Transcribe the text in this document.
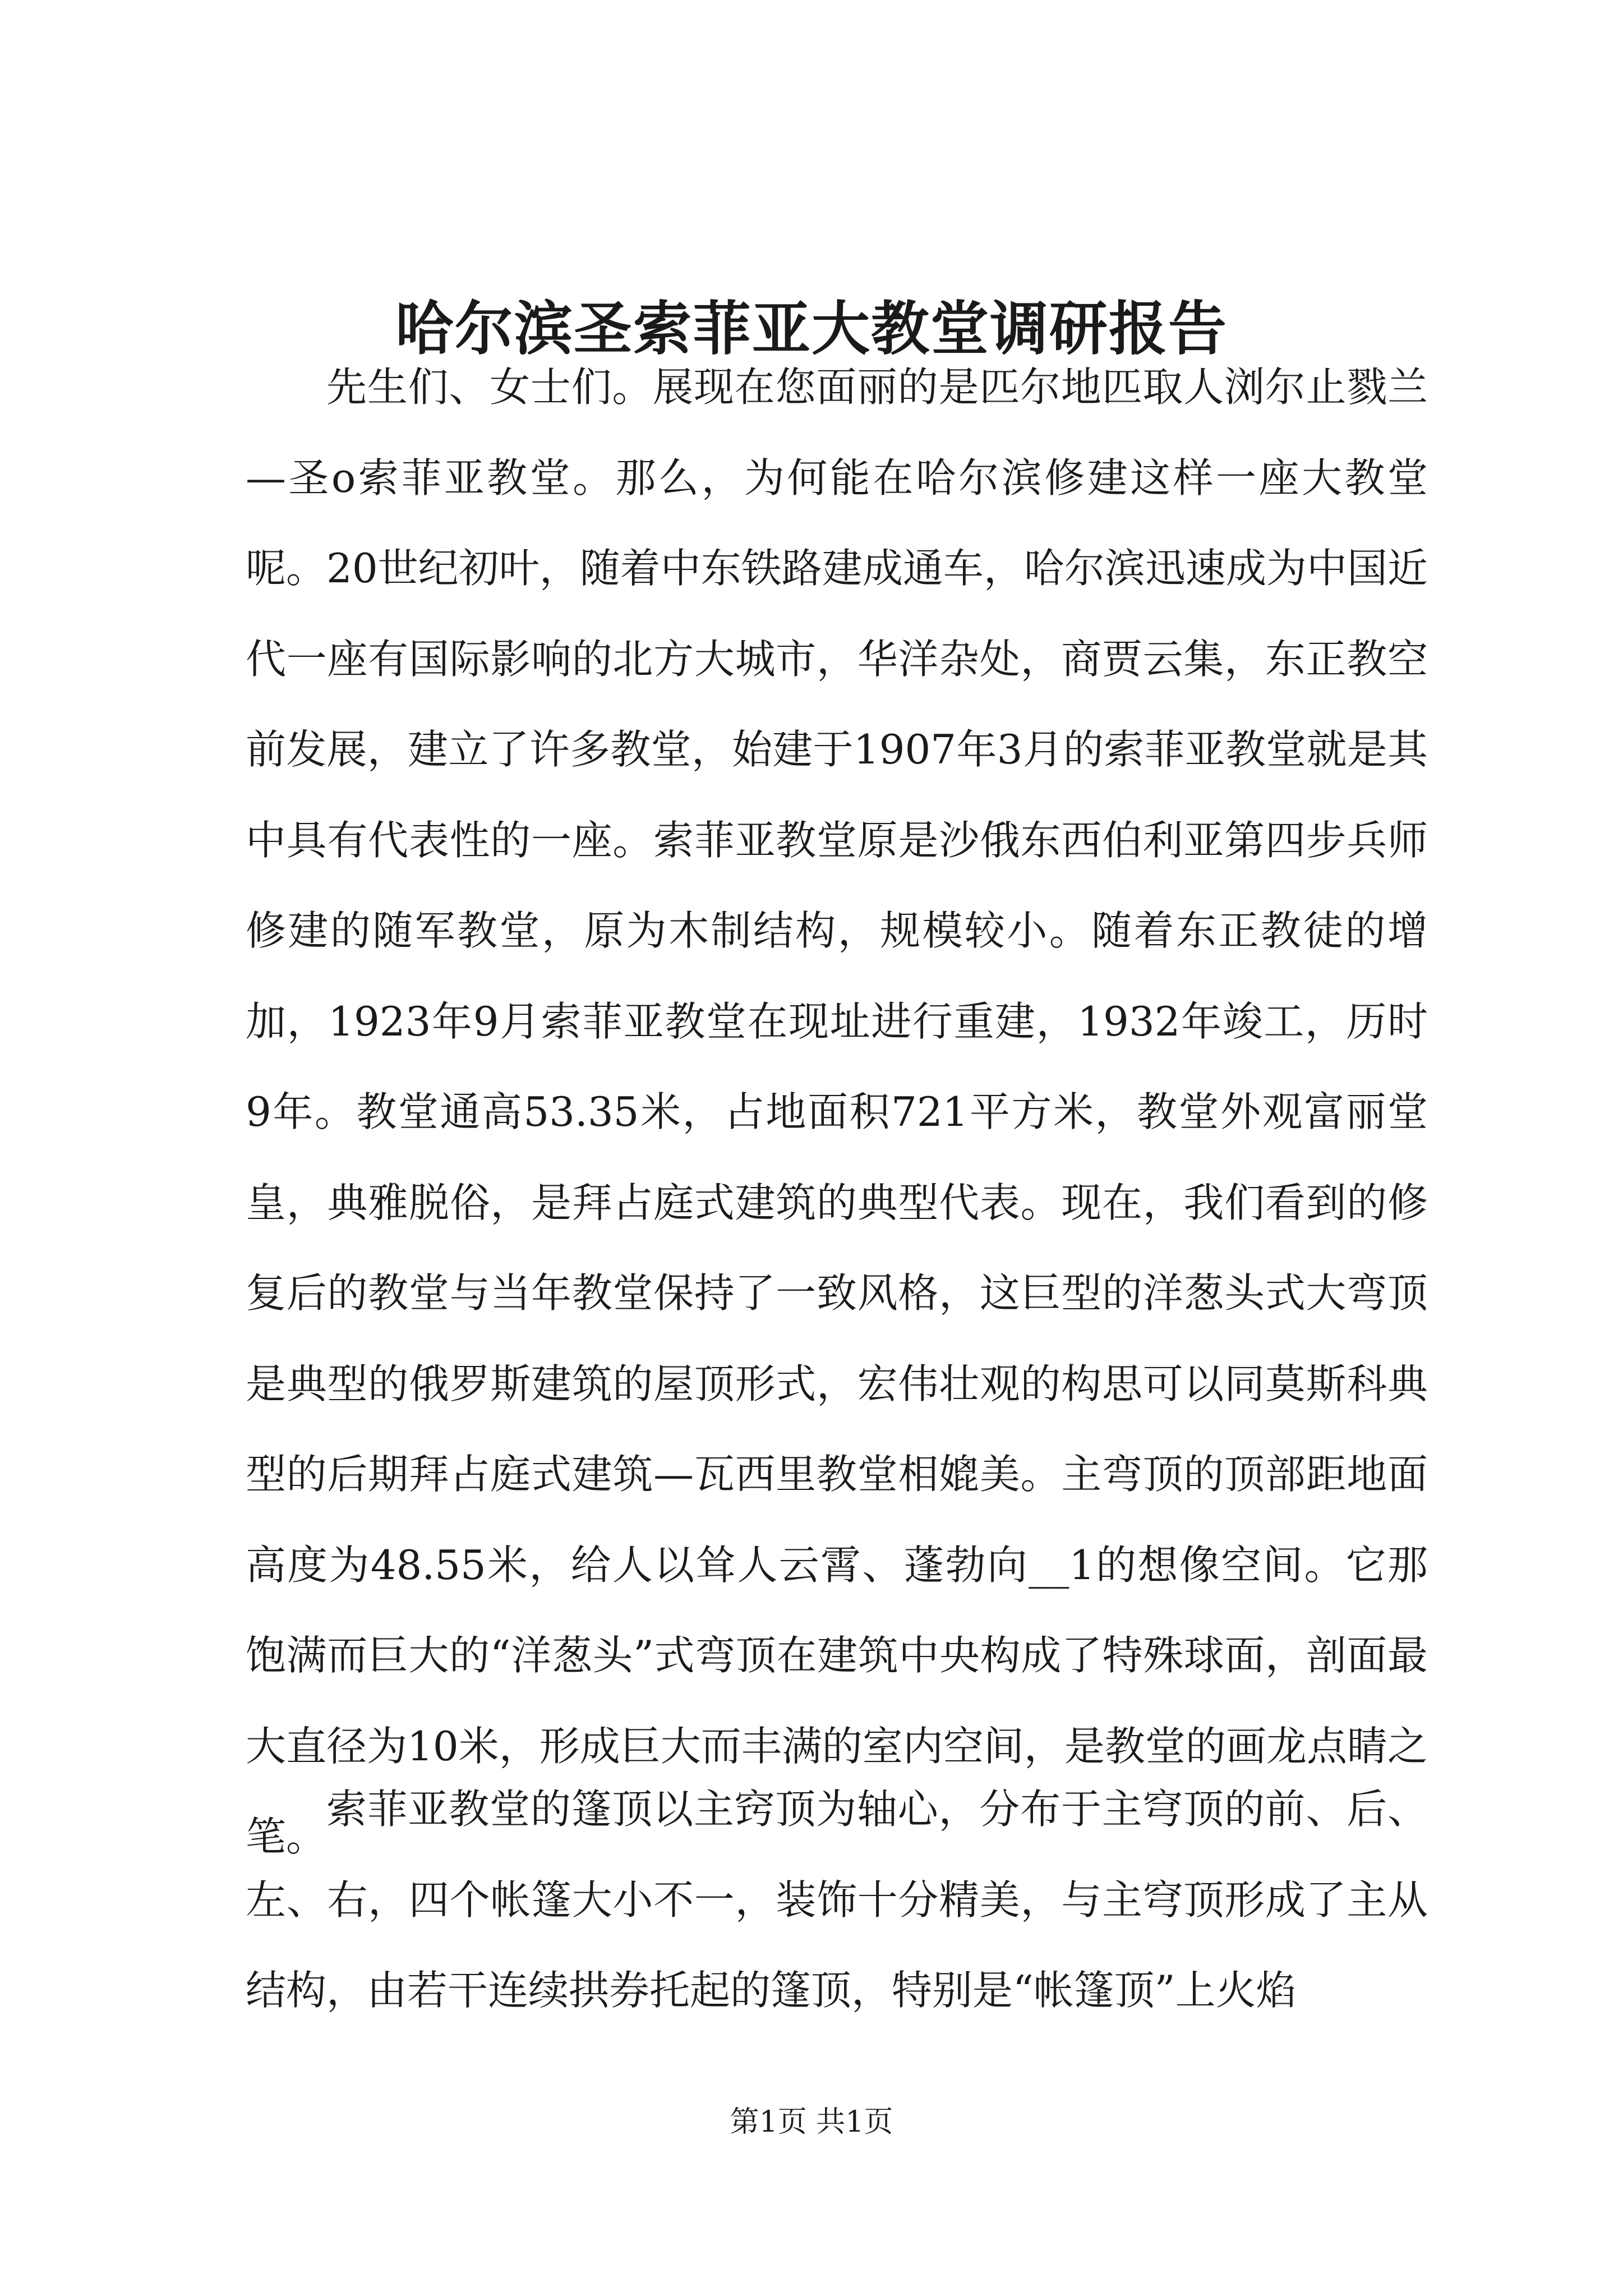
哈尔滨圣索菲亚大教堂调研报告

先生们、女士们。展现在您面丽的是匹尔地匹取人浏尔止戮兰—圣o索菲亚教堂。那么，为何能在哈尔滨修建这样一座大教堂呢。20世纪初叶，随着中东铁路建成通车，哈尔滨迅速成为中国近代一座有国际影响的北方大城市，华洋杂处，商贾云集，东正教空前发展，建立了许多教堂，始建于1907年3月的索菲亚教堂就是其中具有代表性的一座。索菲亚教堂原是沙俄东西伯利亚第四步兵师修建的随军教堂，原为木制结构，规模较小。随着东正教徒的增加，1923年9月索菲亚教堂在现址进行重建，1932年竣工，历时9年。教堂通高53.35米，占地面积721平方米，教堂外观富丽堂皇，典雅脱俗，是拜占庭式建筑的典型代表。现在，我们看到的修复后的教堂与当年教堂保持了一致风格，这巨型的洋葱头式大弯顶是典型的俄罗斯建筑的屋顶形式，宏伟壮观的构思可以同莫斯科典型的后期拜占庭式建筑—瓦西里教堂相媲美。主弯顶的顶部距地面高度为48.55米，给人以耸人云霄、蓬勃向__1的想像空间。它那饱满而巨大的“洋葱头”式弯顶在建筑中央构成了特殊球面，剖面最大直径为10米，形成巨大而丰满的室内空间，是教堂的画龙点睛之笔。

索菲亚教堂的篷顶以主窍顶为轴心，分布于主穹顶的前、后、左、右，四个帐篷大小不一，装饰十分精美，与主穹顶形成了主从结构，由若干连续拱券托起的篷顶，特别是“帐篷顶”上火焰

第1页 共1页
